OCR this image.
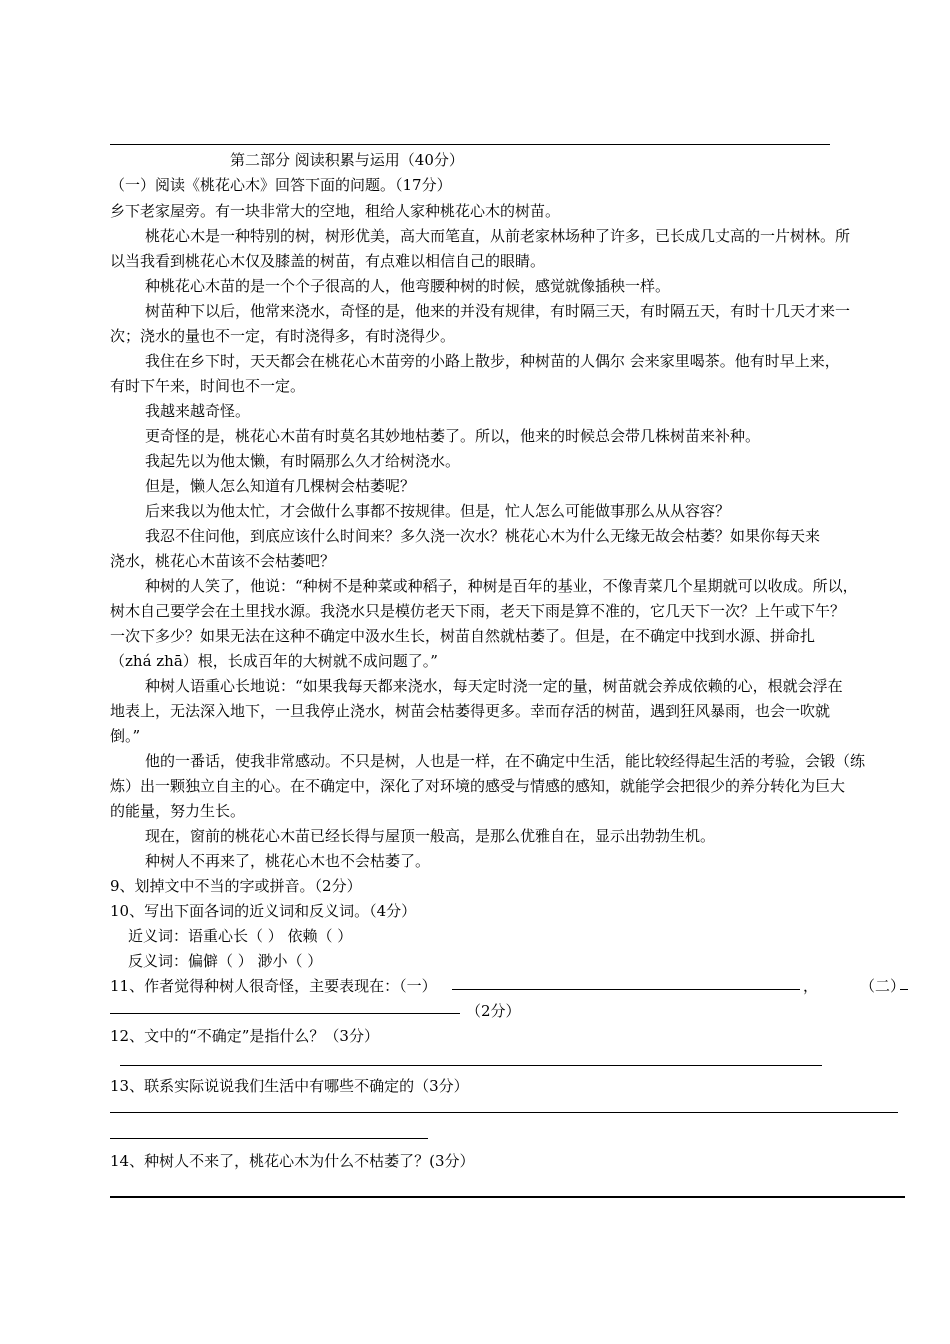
第二部分 阅读积累与运用（40分）
（一）阅读《桃花心木》回答下面的问题。（17分）
乡下老家屋旁。有一块非常大的空地，租给人家种桃花心木的树苗。
桃花心木是一种特别的树，树形优美，高大而笔直，从前老家林场种了许多，已长成几丈高的一片树林。所
以当我看到桃花心木仅及膝盖的树苗，有点难以相信自己的眼睛。
种桃花心木苗的是一个个子很高的人，他弯腰种树的时候，感觉就像插秧一样。
树苗种下以后，他常来浇水，奇怪的是，他来的并没有规律，有时隔三天，有时隔五天，有时十几天才来一
次；浇水的量也不一定，有时浇得多，有时浇得少。
我住在乡下时，天天都会在桃花心木苗旁的小路上散步，种树苗的人偶尔 会来家里喝茶。他有时早上来，
有时下午来，时间也不一定。
我越来越奇怪。
更奇怪的是，桃花心木苗有时莫名其妙地枯萎了。所以，他来的时候总会带几株树苗来补种。
我起先以为他太懒，有时隔那么久才给树浇水。
但是，懒人怎么知道有几棵树会枯萎呢？
后来我以为他太忙，才会做什么事都不按规律。但是，忙人怎么可能做事那么从从容容？
我忍不住问他，到底应该什么时间来？多久浇一次水？桃花心木为什么无缘无故会枯萎？如果你每天来
浇水，桃花心木苗该不会枯萎吧？
种树的人笑了，他说：“种树不是种菜或种稻子，种树是百年的基业，不像青菜几个星期就可以收成。所以，
树木自己要学会在土里找水源。我浇水只是模仿老天下雨，老天下雨是算不准的，它几天下一次？上午或下午？
一次下多少？如果无法在这种不确定中汲水生长，树苗自然就枯萎了。但是，在不确定中找到水源、拼命扎
（zhá zhā）根，长成百年的大树就不成问题了。”
种树人语重心长地说：“如果我每天都来浇水，每天定时浇一定的量，树苗就会养成依赖的心，根就会浮在
地表上，无法深入地下，一旦我停止浇水，树苗会枯萎得更多。幸而存活的树苗，遇到狂风暴雨，也会一吹就
倒。”
他的一番话，使我非常感动。不只是树，人也是一样，在不确定中生活，能比较经得起生活的考验，会锻（练
炼）出一颗独立自主的心。在不确定中，深化了对环境的感受与情感的感知，就能学会把很少的养分转化为巨大
的能量，努力生长。
现在，窗前的桃花心木苗已经长得与屋顶一般高，是那么优雅自在，显示出勃勃生机。
种树人不再来了，桃花心木也不会枯萎了。
9、划掉文中不当的字或拼音。（2分）
10、写出下面各词的近义词和反义词。（4分）
近义词：语重心长（ ） 依赖（ ）
反义词：偏僻（ ） 渺小（ ）
11、作者觉得种树人很奇怪，主要表现在：（一）	，	（二）
（2分）
12、文中的“不确定”是指什么？（3分）
13、联系实际说说我们生活中有哪些不确定的（3分）
14、种树人不来了，桃花心木为什么不枯萎了？(3分）
